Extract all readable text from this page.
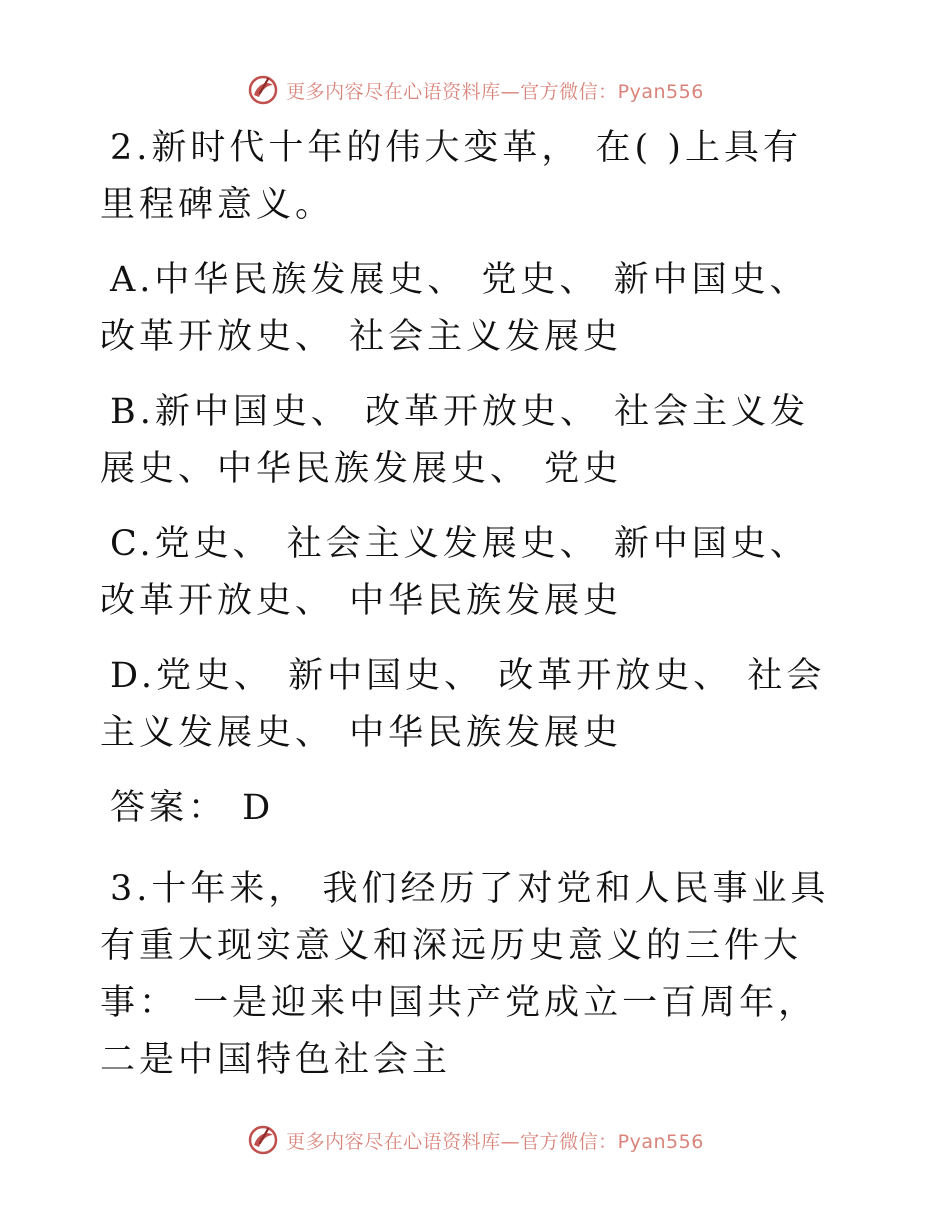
更多内容尽在心语资料库—官方微信：Pyan556

2.新时代十年的伟大变革， 在( )上具有里程碑意义。

A.中华民族发展史、 党史、 新中国史、 改革开放史、 社会主义发展史

B.新中国史、 改革开放史、 社会主义发展史、中华民族发展史、 党史

C.党史、 社会主义发展史、 新中国史、 改革开放史、 中华民族发展史

D.党史、 新中国史、 改革开放史、 社会主义发展史、 中华民族发展史

答案： D

3.十年来， 我们经历了对党和人民事业具有重大现实意义和深远历史意义的三件大事： 一是迎来中国共产党成立一百周年， 二是中国特色社会主

更多内容尽在心语资料库—官方微信：Pyan556
